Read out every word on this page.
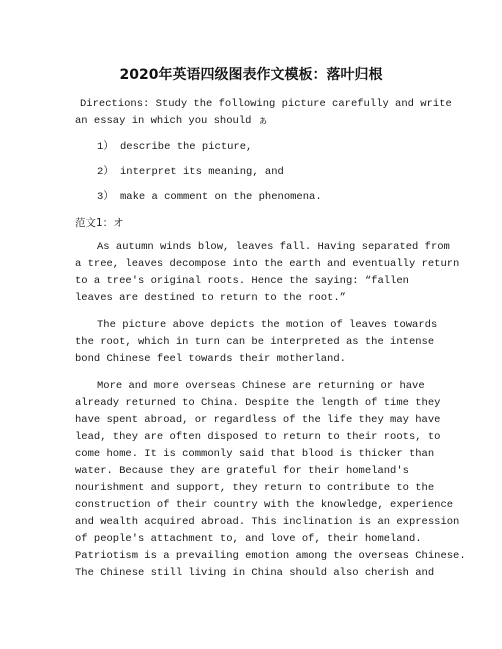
2020年英语四级图表作文模板：落叶归根
Directions: Study the following picture carefully and write
an essay in which you should ぁ
1） describe the picture,
2） interpret its meaning, and
3） make a comment on the phenomena.
范文1：オ
As autumn winds blow, leaves fall. Having separated from
a tree, leaves decompose into the earth and eventually return
to a tree's original roots. Hence the saying: “fallen
leaves are destined to return to the root.”
The picture above depicts the motion of leaves towards
the root, which in turn can be interpreted as the intense
bond Chinese feel towards their motherland.
More and more overseas Chinese are returning or have
already returned to China. Despite the length of time they
have spent abroad, or regardless of the life they may have
lead, they are often disposed to return to their roots, to
come home. It is commonly said that blood is thicker than
water. Because they are grateful for their homeland's
nourishment and support, they return to contribute to the
construction of their country with the knowledge, experience
and wealth acquired abroad. This inclination is an expression
of people's attachment to, and love of, their homeland.
Patriotism is a prevailing emotion among the overseas Chinese.
The Chinese still living in China should also cherish and
